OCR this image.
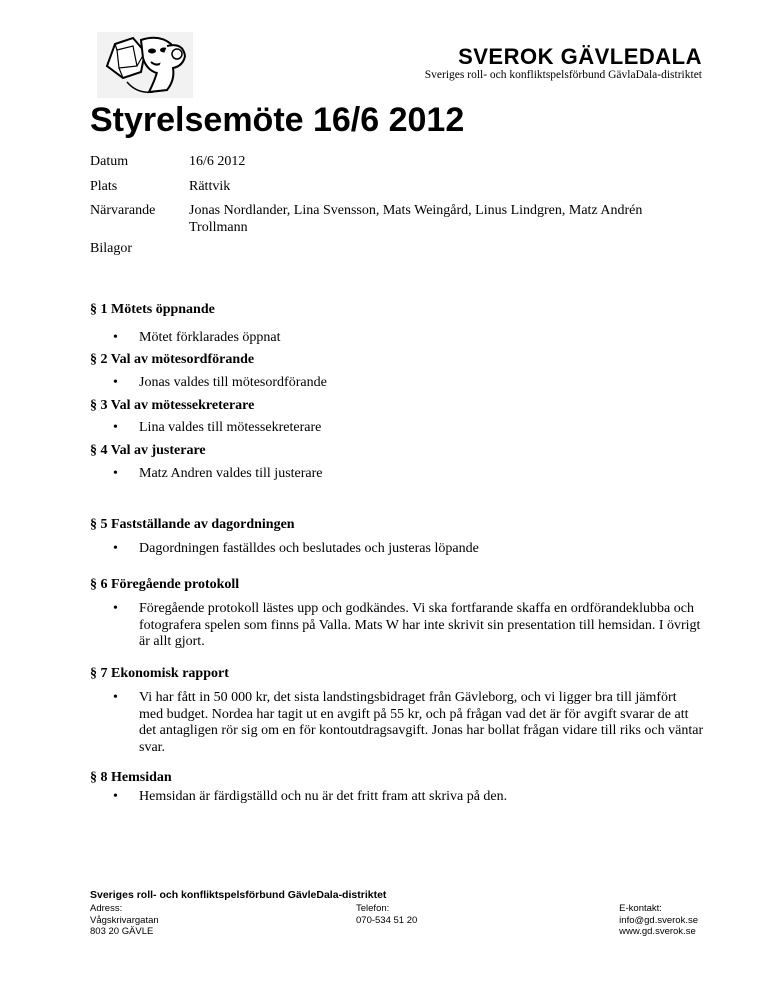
SVEROK GÄVLEDALA
Sveriges roll- och konfliktspelsförbund GävlaDala-distriktet
Styrelsemöte 16/6 2012
Datum	16/6 2012
Plats	Rättvik
Närvarande	Jonas Nordlander, Lina Svensson, Mats Weingård, Linus Lindgren, Matz Andrén Trollmann
Bilagor
§ 1 Mötets öppnande
• Mötet förklarades öppnat
§ 2 Val av mötesordförande
• Jonas valdes till mötesordförande
§ 3 Val av mötessekreterare
• Lina valdes till mötessekreterare
§ 4 Val av justerare
• Matz Andren valdes till justerare
§ 5 Fastställande av dagordningen
• Dagordningen faställdes och beslutades och justeras löpande
§ 6 Föregående protokoll
• Föregående protokoll lästes upp och godkändes. Vi ska fortfarande skaffa en ordförandeklubba och fotografera spelen som finns på Valla. Mats W har inte skrivit sin presentation till hemsidan. I övrigt är allt gjort.
§ 7 Ekonomisk rapport
• Vi har fått in 50 000 kr, det sista landstingsbidraget från Gävleborg, och vi ligger bra till jämfört med budget. Nordea har tagit ut en avgift på 55 kr, och på frågan vad det är för avgift svarar de att det antagligen rör sig om en för kontoutdragsavgift. Jonas har bollat frågan vidare till riks och väntar svar.
§ 8 Hemsidan
• Hemsidan är färdigställd och nu är det fritt fram att skriva på den.
Sveriges roll- och konfliktspelsförbund GävleDala-distriktet
Adress:
Vågskrivargatan
803 20 GÄVLE
Telefon:
070-534 51 20
E-kontakt:
info@gd.sverok.se
www.gd.sverok.se
